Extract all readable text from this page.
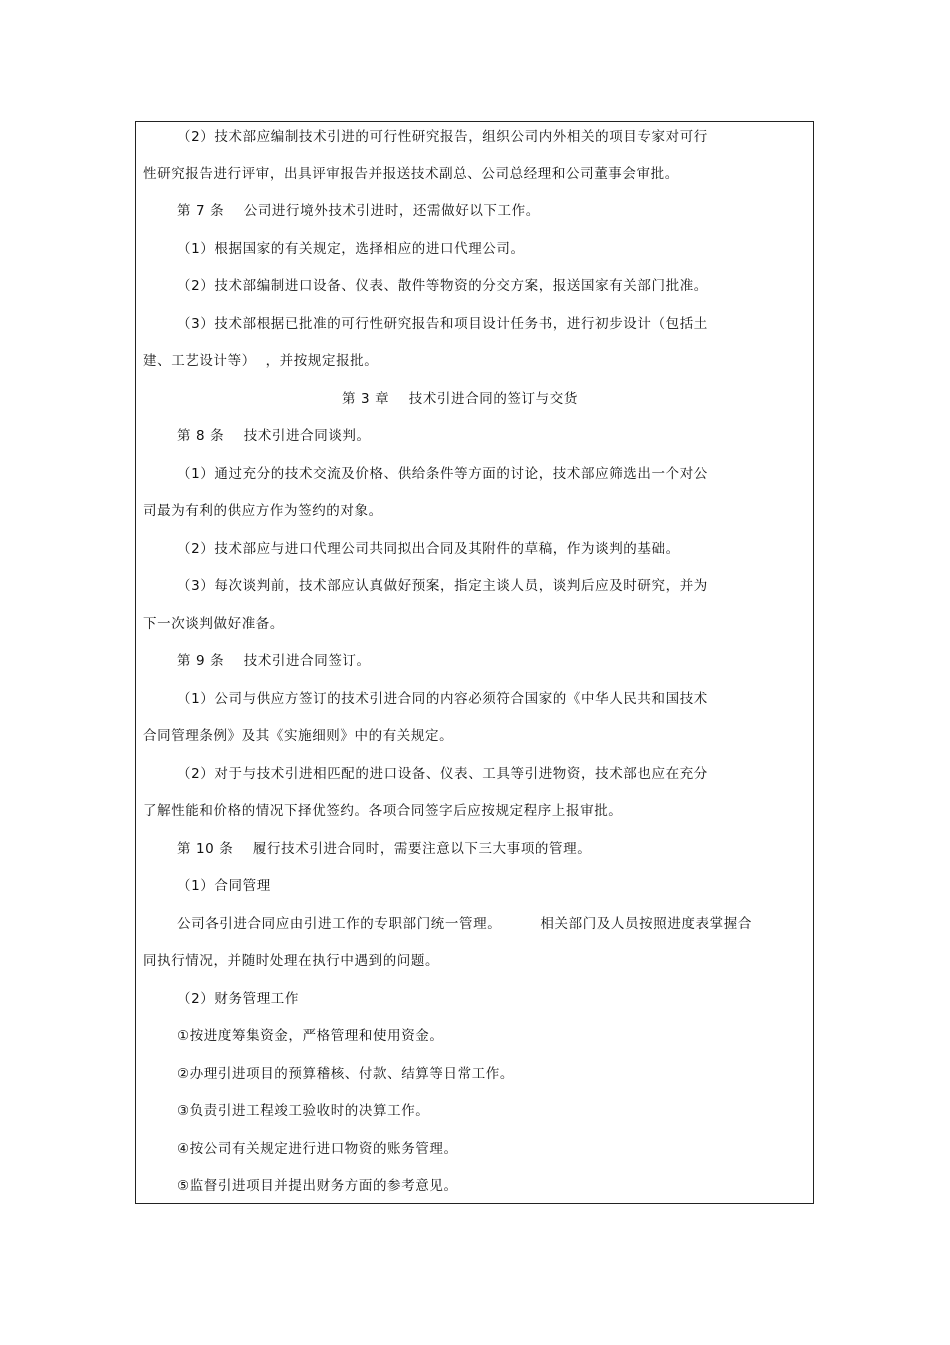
（2）技术部应编制技术引进的可行性研究报告，组织公司内外相关的项目专家对可行
性研究报告进行评审，出具评审报告并报送技术副总、公司总经理和公司董事会审批。
第 7 条    公司进行境外技术引进时，还需做好以下工作。
（1）根据国家的有关规定，选择相应的进口代理公司。
（2）技术部编制进口设备、仪表、散件等物资的分交方案，报送国家有关部门批准。
（3）技术部根据已批准的可行性研究报告和项目设计任务书，进行初步设计（包括土
建、工艺设计等）  ，并按规定报批。
第 3 章    技术引进合同的签订与交货
第 8 条    技术引进合同谈判。
（1）通过充分的技术交流及价格、供给条件等方面的讨论，技术部应筛选出一个对公
司最为有利的供应方作为签约的对象。
（2）技术部应与进口代理公司共同拟出合同及其附件的草稿，作为谈判的基础。
（3）每次谈判前，技术部应认真做好预案，指定主谈人员，谈判后应及时研究，并为
下一次谈判做好准备。
第 9 条    技术引进合同签订。
（1）公司与供应方签订的技术引进合同的内容必须符合国家的《中华人民共和国技术
合同管理条例》及其《实施细则》中的有关规定。
（2）对于与技术引进相匹配的进口设备、仪表、工具等引进物资，技术部也应在充分
了解性能和价格的情况下择优签约。各项合同签字后应按规定程序上报审批。
第 10 条    履行技术引进合同时，需要注意以下三大事项的管理。
（1）合同管理
公司各引进合同应由引进工作的专职部门统一管理。        相关部门及人员按照进度表掌握合
同执行情况，并随时处理在执行中遇到的问题。
（2）财务管理工作
①按进度筹集资金，严格管理和使用资金。
②办理引进项目的预算稽核、付款、结算等日常工作。
③负责引进工程竣工验收时的决算工作。
④按公司有关规定进行进口物资的账务管理。
⑤监督引进项目并提出财务方面的参考意见。
